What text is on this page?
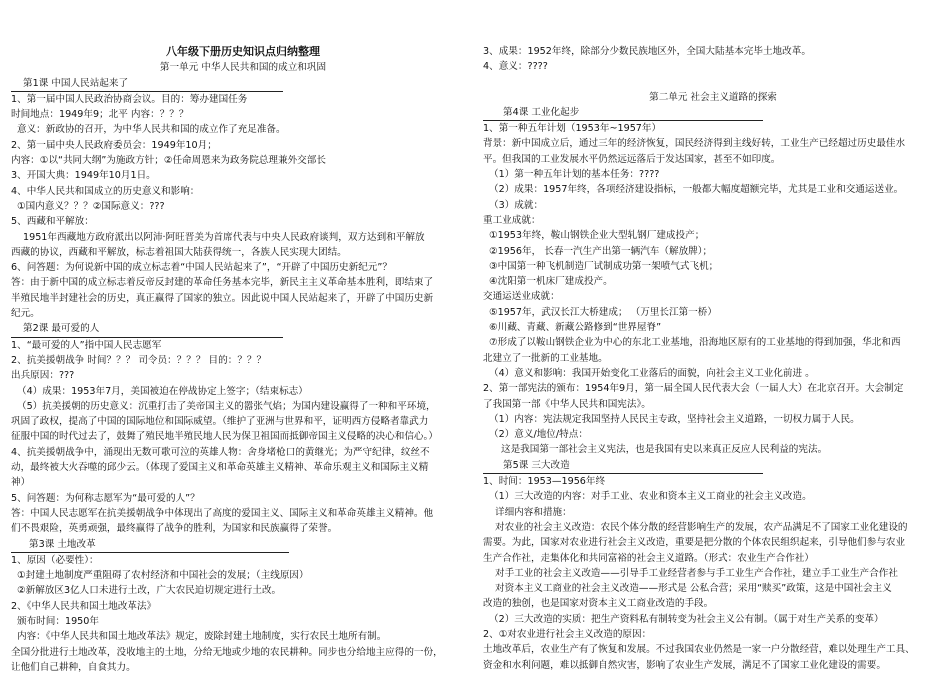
八年级下册历史知识点归纳整理
第一单元 中华人民共和国的成立和巩固
第1课 中国人民站起来了
1、第一届中国人民政治协商会议。目的：筹办建国任务
时间地点：1949年9；北平 内容：？？？
意义：新政协的召开，为中华人民共和国的成立作了充足准备。
2、第一届中央人民政府委员会：1949年10月；
内容：①以“共同大纲”为施政方针；②任命周恩来为政务院总理兼外交部长
3、开国大典：1949年10月1日。
4、中华人民共和国成立的历史意义和影响：
①国内意义？？？②国际意义：???
5、西藏和平解放：
1951年西藏地方政府派出以阿沛·阿旺晋美为首席代表与中央人民政府谈判，双方达到和平解放
西藏的协议，西藏和平解放，标志着祖国大陆获得统一，各族人民实现大团结。
6、问答题：为何说新中国的成立标志着“中国人民站起来了”，“开辟了中国历史新纪元”？
答：由于新中国的成立标志着反帝反封建的革命任务基本完毕，新民主主义革命基本胜利，即结束了
半殖民地半封建社会的历史，真正赢得了国家的独立。因此说中国人民站起来了，开辟了中国历史新
纪元。
第2课 最可爱的人
1、“最可爱的人”指中国人民志愿军
2、抗美援朝战争 时间？？？ 司令员：？？？ 目的：？？？
出兵原因：???
（4）成果：1953年7月，美国被迫在停战协定上签字；（结束标志）
（5）抗美援朝的历史意义：沉重打击了美帝国主义的嚣张气焰；为国内建设赢得了一种和平环境，
巩固了政权，提高了中国的国际地位和国际威望。（维护了亚洲与世界和平，证明西方侵略者靠武力
征服中国的时代过去了，鼓舞了殖民地半殖民地人民为保卫祖国而抵御帝国主义侵略的决心和信心。）
4、抗美援朝战争中，涌现出无数可歌可泣的英雄人物：舍身堵枪口的黄继光；为严守纪律，纹丝不
动，最终被大火吞噬的邱少云。（体现了爱国主义和革命英雄主义精神、革命乐观主义和国际主义精
神）
5、问答题：为何称志愿军为“最可爱的人”？
答：中国人民志愿军在抗美援朝战争中体现出了高度的爱国主义、国际主义和革命英雄主义精神。他
们不畏艰险，英勇顽强，最终赢得了战争的胜利，为国家和民族赢得了荣誉。
第3课 土地改革
1、原因（必要性）：
①封建土地制度严重阻碍了农村经济和中国社会的发展；（主线原因）
②新解放区3亿人口未进行土改，广大农民迫切规定进行土改。
2、《中华人民共和国土地改革法》
颁布时间：1950年
内容：《中华人民共和国土地改革法》规定，废除封建土地制度，实行农民土地所有制。
全国分批进行土地改革，没收地主的土地，分给无地或少地的农民耕种。同步也分给地主应得的一份，
让他们自己耕种，自食其力。
3、成果：1952年终，除部分少数民族地区外，全国大陆基本完毕土地改革。
4、意义：????
第二单元 社会主义道路的探索
第4课 工业化起步
1、第一种五年计划（1953年~1957年）
背景：新中国成立后，通过三年的经济恢复，国民经济得到主线好转，工业生产已经超过历史最佳水
平。但我国的工业发展水平仍然远远落后于发达国家，甚至不如印度。
（1）第一种五年计划的基本任务：????
（2）成果：1957年终，各项经济建设指标，一般都大幅度超额完毕，尤其是工业和交通运送业。
（3）成就：
重工业成就：
①1953年终，鞍山钢铁企业大型轧钢厂建成投产；
②1956年， 长春一汽生产出第一辆汽车（解放牌）；
③中国第一种飞机制造厂试制成功第一架喷气式飞机；
④沈阳第一机床厂建成投产。
交通运送业成就：
⑤1957年，武汉长江大桥建成； （万里长江第一桥）
⑥川藏、青藏、新藏公路修到“世界屋脊”
⑦形成了以鞍山钢铁企业为中心的东北工业基地，沿海地区原有的工业基地的得到加强，华北和西
北建立了一批新的工业基地。
（4）意义和影响：我国开始变化工业落后的面貌，向社会主义工业化前进 。
2、第一部宪法的颁布：1954年9月，第一届全国人民代表大会（一届人大）在北京召开。大会制定
了我国第一部《中华人民共和国宪法》。
（1）内容：宪法规定我国坚持人民民主专政，坚持社会主义道路，一切权力属于人民。
（2）意义/地位/特点：
这是我国第一部社会主义宪法，也是我国有史以来真正反应人民利益的宪法。
第5课 三大改造
1、时间：1953—1956年终
（1）三大改造的内容：对手工业、农业和资本主义工商业的社会主义改造。
详细内容和措施：
对农业的社会主义改造：农民个体分散的经营影响生产的发展，农产品满足不了国家工业化建设的
需要。为此，国家对农业进行社会主义改造，重要是把分散的个体农民组织起来，引导他们参与农业
生产合作社，走集体化和共同富裕的社会主义道路。（形式：农业生产合作社）
对手工业的社会主义改造——引导手工业经营者参与手工业生产合作社，建立手工业生产合作社
对资本主义工商业的社会主义改造——形式是 公私合营；采用“赎买”政策，这是中国社会主义
改造的独创，也是国家对资本主义工商业改造的手段。
（2）三大改造的实质：把生产资料私有制转变为社会主义公有制。（属于对生产关系的变革）
2、①对农业进行社会主义改造的原因：
土地改革后，农业生产有了恢复和发展。不过我国农业仍然是一家一户分散经营，难以处理生产工具、
资金和水利问题，难以抵御自然灾害，影响了农业生产发展，满足不了国家工业化建设的需要。
